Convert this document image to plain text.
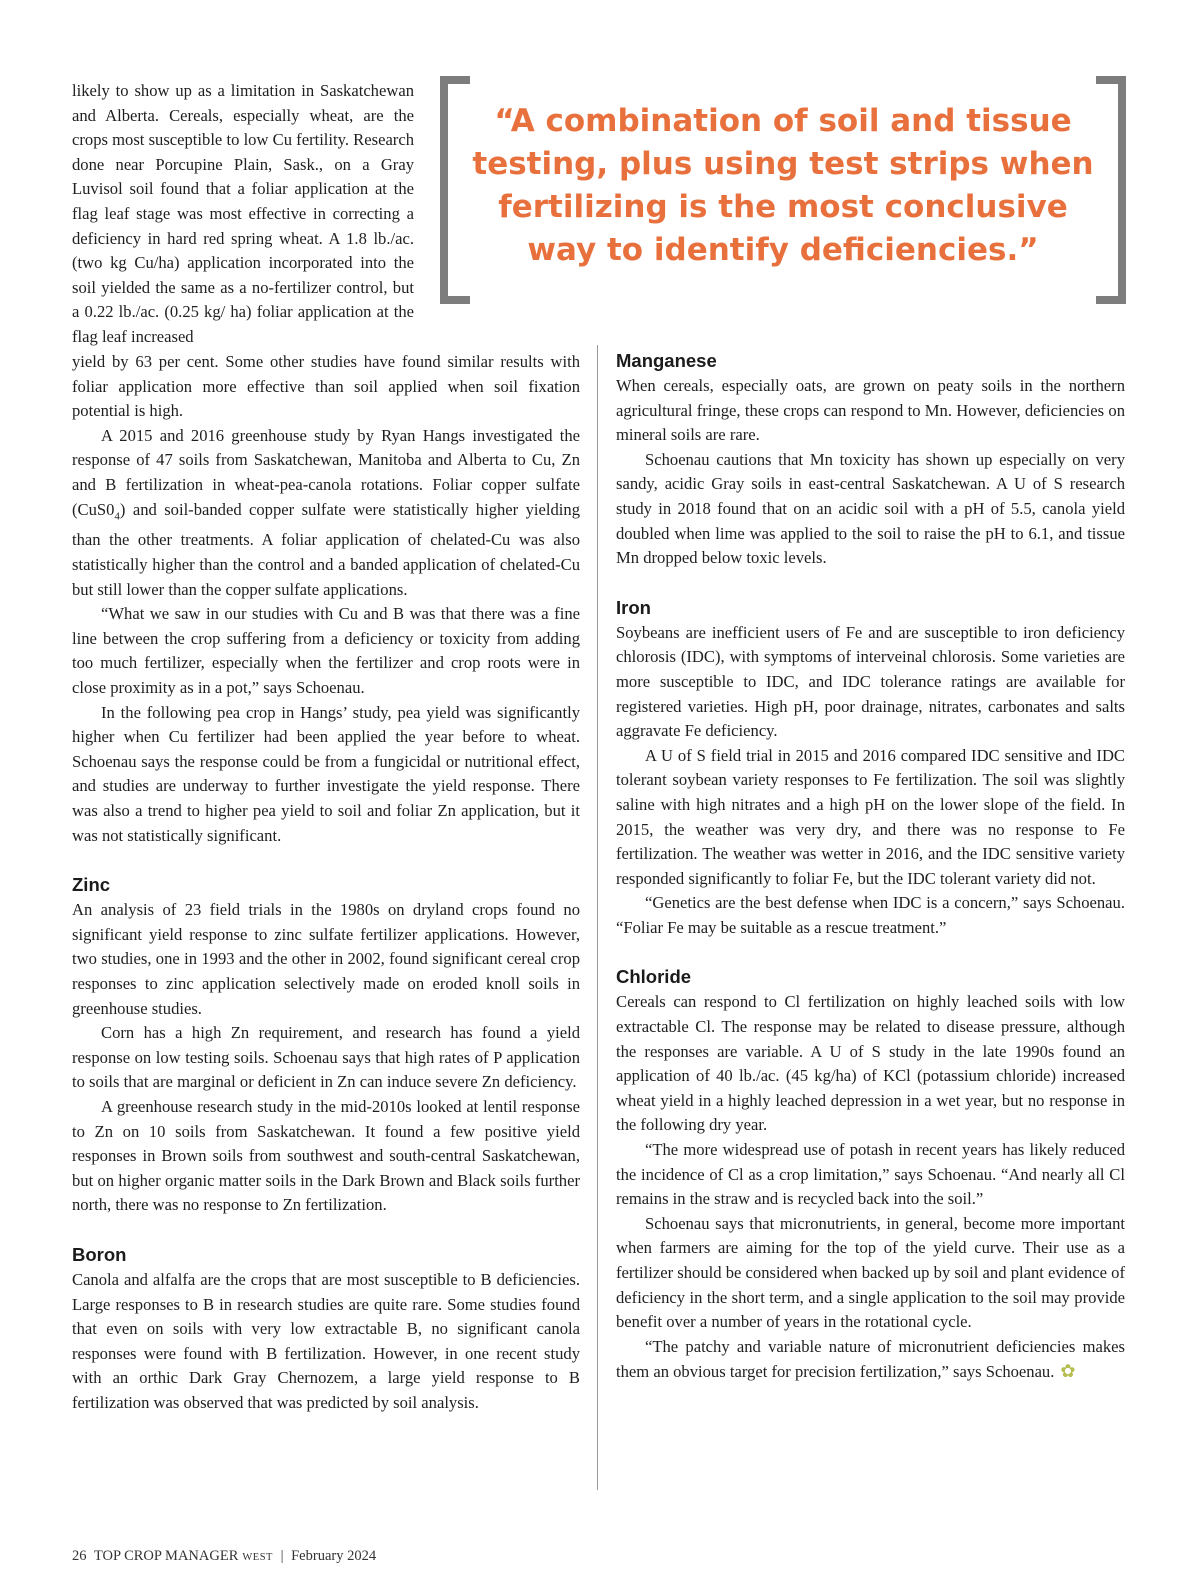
“A combination of soil and tissue testing, plus using test strips when fertilizing is the most conclusive way to identify deficiencies.”

likely to show up as a limitation in Saskatchewan and Alberta. Cereals, especially wheat, are the crops most susceptible to low Cu fertility. Research done near Porcupine Plain, Sask., on a Gray Luvisol soil found that a foliar application at the flag leaf stage was most effective in correcting a deficiency in hard red spring wheat. A 1.8 lb./ac. (two kg Cu/ha) application incorporated into the soil yielded the same as a no-fertilizer control, but a 0.22 lb./ac. (0.25 kg/ ha) foliar application at the flag leaf increased

yield by 63 per cent. Some other studies have found similar results with foliar application more effective than soil applied when soil fixation potential is high.

A 2015 and 2016 greenhouse study by Ryan Hangs investigated the response of 47 soils from Saskatchewan, Manitoba and Alberta to Cu, Zn and B fertilization in wheat-pea-canola rotations. Foliar copper sulfate $(CuS0_4)$ and soil-banded copper sulfate were statistically higher yielding than the other treatments. A foliar application of chelated-Cu was also statistically higher than the control and a banded application of chelated-Cu but still lower than the copper sulfate applications.

“What we saw in our studies with Cu and B was that there was a fine line between the crop suffering from a deficiency or toxicity from adding too much fertilizer, especially when the fertilizer and crop roots were in close proximity as in a pot,” says Schoenau.

In the following pea crop in Hangs’ study, pea yield was significantly higher when Cu fertilizer had been applied the year before to wheat. Schoenau says the response could be from a fungicidal or nutritional effect, and studies are underway to further investigate the yield response. There was also a trend to higher pea yield to soil and foliar Zn application, but it was not statistically significant.

Zinc

An analysis of 23 field trials in the 1980s on dryland crops found no significant yield response to zinc sulfate fertilizer applications. However, two studies, one in 1993 and the other in 2002, found significant cereal crop responses to zinc application selectively made on eroded knoll soils in greenhouse studies.

Corn has a high Zn requirement, and research has found a yield response on low testing soils. Schoenau says that high rates of P application to soils that are marginal or deficient in Zn can induce severe Zn deficiency.

A greenhouse research study in the mid-2010s looked at lentil response to Zn on 10 soils from Saskatchewan. It found a few positive yield responses in Brown soils from southwest and south-central Saskatchewan, but on higher organic matter soils in the Dark Brown and Black soils further north, there was no response to Zn fertilization.

Boron

Canola and alfalfa are the crops that are most susceptible to B deficiencies. Large responses to B in research studies are quite rare. Some studies found that even on soils with very low extractable B, no significant canola responses were found with B fertilization. However, in one recent study with an orthic Dark Gray Chernozem, a large yield response to B fertilization was observed that was predicted by soil analysis.

Manganese

When cereals, especially oats, are grown on peaty soils in the northern agricultural fringe, these crops can respond to Mn. However, deficiencies on mineral soils are rare.

Schoenau cautions that Mn toxicity has shown up especially on very sandy, acidic Gray soils in east-central Saskatchewan. A U of S research study in 2018 found that on an acidic soil with a pH of 5.5, canola yield doubled when lime was applied to the soil to raise the pH to 6.1, and tissue Mn dropped below toxic levels.

Iron

Soybeans are inefficient users of Fe and are susceptible to iron deficiency chlorosis (IDC), with symptoms of interveinal chlorosis. Some varieties are more susceptible to IDC, and IDC tolerance ratings are available for registered varieties. High pH, poor drainage, nitrates, carbonates and salts aggravate Fe deficiency.

A U of S field trial in 2015 and 2016 compared IDC sensitive and IDC tolerant soybean variety responses to Fe fertilization. The soil was slightly saline with high nitrates and a high pH on the lower slope of the field. In 2015, the weather was very dry, and there was no response to Fe fertilization. The weather was wetter in 2016, and the IDC sensitive variety responded significantly to foliar Fe, but the IDC tolerant variety did not.

“Genetics are the best defense when IDC is a concern,” says Schoenau. “Foliar Fe may be suitable as a rescue treatment.”

Chloride

Cereals can respond to Cl fertilization on highly leached soils with low extractable Cl. The response may be related to disease pressure, although the responses are variable. A U of S study in the late 1990s found an application of 40 lb./ac. (45 kg/ha) of KCl (potassium chloride) increased wheat yield in a highly leached depression in a wet year, but no response in the following dry year.

“The more widespread use of potash in recent years has likely reduced the incidence of Cl as a crop limitation,” says Schoenau. “And nearly all Cl remains in the straw and is recycled back into the soil.”

Schoenau says that micronutrients, in general, become more important when farmers are aiming for the top of the yield curve. Their use as a fertilizer should be considered when backed up by soil and plant evidence of deficiency in the short term, and a single application to the soil may provide benefit over a number of years in the rotational cycle.

“The patchy and variable nature of micronutrient deficiencies makes them an obvious target for precision fertilization,” says Schoenau. ✿

26 TOP CROP MANAGER WEST | February 2024
